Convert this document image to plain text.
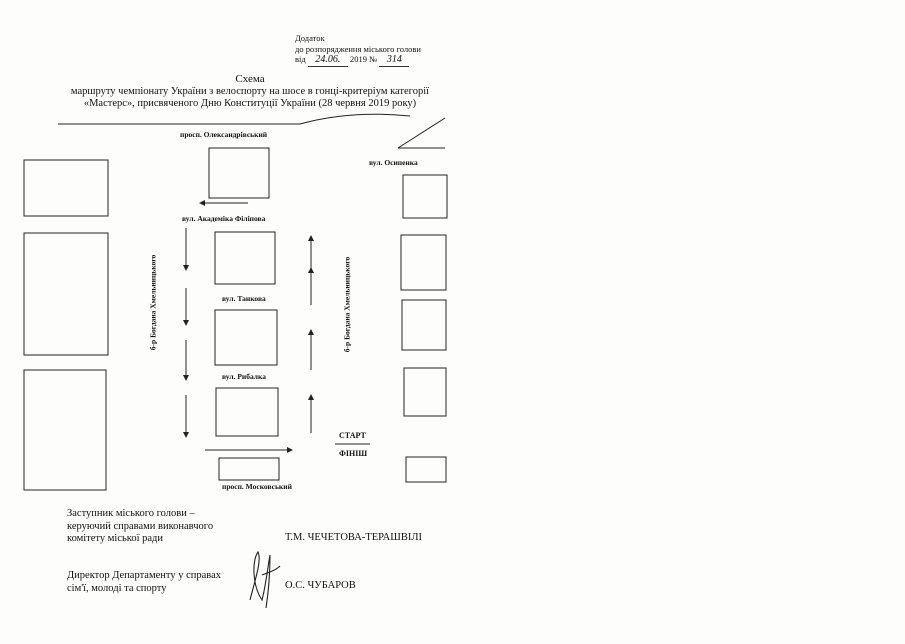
Додаток
до розпорядження міського голови
від 24.06. 2019 № 314
Схема
маршруту чемпіонату України з велоспорту на шосе в гонці-критеріум категорії
«Мастерс», присвяченого Дню Конституції України (28 червня 2019 року)
просп. Олександрівський
вул. Осипенка
вул. Академіка Філіпова
вул. Танкова
вул. Рибалка
просп. Московський
б-р Богдана Хмельницького	б-р Богдана Хмельницького
СТАРТ
ФІНІШ
Заступник міського голови –
керуючий справами виконавчого
комітету міської ради	Т.М. ЧЕЧЕТОВА-ТЕРАШВІЛІ
Директор Департаменту у справах
сім'ї, молоді та спорту	О.С. ЧУБАРОВ
